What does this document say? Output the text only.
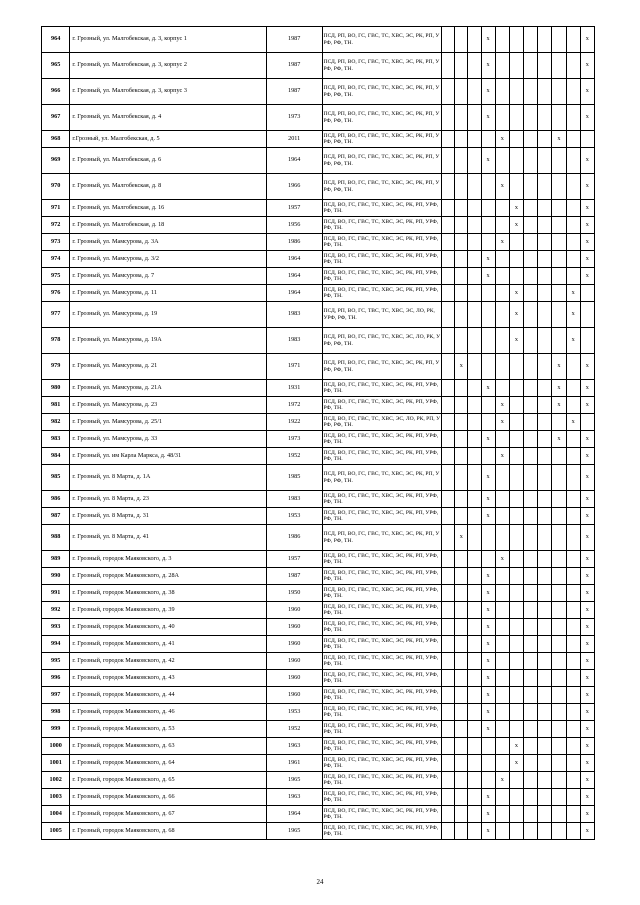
964	г. Грозный, ул. Малгобекская, д. 3, корпус 1	1987	ПСД, РП, ВО, ГС, ГВС, ТС, ХВС, ЭС, РК, РП, УРФ, РФ, ТН.				x							x
965	г. Грозный, ул. Малгобекская, д. 3, корпус 2	1987	ПСД, РП, ВО, ГС, ГВС, ТС, ХВС, ЭС, РК, РП, УРФ, РФ, ТН.				x							x
966	г. Грозный, ул. Малгобекская, д. 3, корпус 3	1987	ПСД, РП, ВО, ГС, ГВС, ТС, ХВС, ЭС, РК, РП, УРФ, РФ, ТН.				x							x
967	г. Грозный, ул. Малгобекская, д. 4	1973	ПСД, РП, ВО, ГС, ГВС, ТС, ХВС, ЭС, РК, РП, УРФ, РФ, ТН.				x							x
968	г.Грозный, ул. Малгобекская, д. 5	2011	ПСД, РП, ВО, ГС, ГВС, ТС, ХВС, ЭС, РК, РП, УРФ, РФ, ТН.					x				x		
969	г. Грозный, ул. Малгобекская, д. 6	1964	ПСД, РП, ВО, ГС, ГВС, ТС, ХВС, ЭС, РК, РП, УРФ, РФ, ТН.				x							x
970	г. Грозный, ул. Малгобекская, д. 8	1966	ПСД, РП, ВО, ГС, ГВС, ТС, ХВС, ЭС, РК, РП, УРФ, РФ, ТН.					x						x
971	г. Грозный, ул. Малгобекская, д. 16	1957	ПСД, ВО, ГС, ГВС, ТС, ХВС, ЭС, РК, РП, УРФ, РФ, ТН.						x					x
972	г. Грозный, ул. Малгобекская, д. 18	1956	ПСД, ВО, ГС, ГВС, ТС, ХВС, ЭС, РК, РП, УРФ, РФ, ТН.						x					x
973	г. Грозный, ул. Мамсурова, д. 3А	1986	ПСД, ВО, ГС, ГВС, ТС, ХВС, ЭС, РК, РП, УРФ, РФ, ТН.					x						x
974	г. Грозный, ул. Мамсурова, д. 3/2	1964	ПСД, ВО, ГС, ГВС, ТС, ХВС, ЭС, РК, РП, УРФ, РФ, ТН.				x							x
975	г. Грозный, ул. Мамсурова, д. 7	1964	ПСД, ВО, ГС, ГВС, ТС, ХВС, ЭС, РК, РП, УРФ, РФ, ТН.				x							x
976	г. Грозный, ул. Мамсурова, д. 11	1964	ПСД, ВО, ГС, ГВС, ТС, ХВС, ЭС, РК, РП, УРФ, РФ, ТН.						x				x	
977	г. Грозный, ул. Мамсурова, д. 19	1983	ПСД, РП, ВО, ГС, ТВС, ТС, ХВС, ЭС, ЛО, РК, УРФ, РФ, ТН.						x				x	
978	г. Грозный, ул. Мамсурова, д. 19А	1983	ПСД, РП, ВО, ГС, ГВС, ТС, ХВС, ЭС, ЛО, РК, УРФ, РФ, ТН.						x				x	
979	г. Грозный, ул. Мамсурова, д. 21	1971	ПСД, РП, ВО, ГС, ГВС, ТС, ХВС, ЭС, РК, РП, УРФ, РФ, ТН.		x							x		x
980	г. Грозный, ул. Мамсурова, д. 21А	1931	ПСД, ВО, ГС, ГВС, ТС, ХВС, ЭС, РК, РП, УРФ, РФ, ТН.				x					x		x
981	г. Грозный, ул. Мамсурова, д. 23	1972	ПСД, ВО, ГС, ГВС, ТС, ХВС, ЭС, РК, РП, УРФ, РФ, ТН.					x				x		x
982	г. Грозный, ул. Мамсурова, д. 25/1	1922	ПСД, ВО, ГС, ГВС, ТС, ХВС, ЭС, ЛО, РК, РП, УРФ, РФ, ТН.					x					x	
983	г. Грозный, ул. Мамсурова, д. 33	1973	ПСД, ВО, ГС, ГВС, ТС, ХВС, ЭС, РК, РП, УРФ, РФ, ТН.				x					x		x
984	г. Грозный, ул. им Карла Маркса, д. 48/31	1952	ПСД, ВО, ГС, ГВС, ТС, ХВС, ЭС, РК, РП, УРФ, РФ, ТН.					x						x
985	г. Грозный, ул. 8 Марта, д. 1А	1985	ПСД, РП, ВО, ГС, ГВС, ТС, ХВС, ЭС, РК, РП, УРФ, РФ, ТН.				x							x
986	г. Грозный, ул. 8 Марта, д. 23	1983	ПСД, ВО, ГС, ГВС, ТС, ХВС, ЭС, РК, РП, УРФ, РФ, ТН.				x							x
987	г. Грозный, ул. 8 Марта, д. 31	1953	ПСД, ВО, ГС, ГВС, ТС, ХВС, ЭС, РК, РП, УРФ, РФ, ТН.				x							x
988	г. Грозный, ул. 8 Марта, д. 41	1986	ПСД, РП, ВО, ГС, ГВС, ТС, ХВС, ЭС, РК, РП, УРФ, РФ, ТН.		x									x
989	г. Грозный, городок Маяковского, д. 3	1957	ПСД, ВО, ГС, ГВС, ТС, ХВС, ЭС, РК, РП, УРФ, РФ, ТН.					x						x
990	г. Грозный, городок Маяковского, д. 28А	1987	ПСД, ВО, ГС, ГВС, ТС, ХВС, ЭС, РК, РП, УРФ, РФ, ТН.				x							x
991	г. Грозный, городок Маяковского, д. 38	1950	ПСД, ВО, ГС, ГВС, ТС, ХВС, ЭС, РК, РП, УРФ, РФ, ТН.				x							x
992	г. Грозный, городок Маяковского, д. 39	1960	ПСД, ВО, ГС, ГВС, ТС, ХВС, ЭС, РК, РП, УРФ, РФ, ТН.				x							x
993	г. Грозный, городок Маяковского, д. 40	1960	ПСД, ВО, ГС, ГВС, ТС, ХВС, ЭС, РК, РП, УРФ, РФ, ТН.				x							x
994	г. Грозный, городок Маяковского, д. 41	1960	ПСД, ВО, ГС, ГВС, ТС, ХВС, ЭС, РК, РП, УРФ, РФ, ТН.				x							x
995	г. Грозный, городок Маяковского, д. 42	1960	ПСД, ВО, ГС, ГВС, ТС, ХВС, ЭС, РК, РП, УРФ, РФ, ТН.				x							x
996	г. Грозный, городок Маяковского, д. 43	1960	ПСД, ВО, ГС, ГВС, ТС, ХВС, ЭС, РК, РП, УРФ, РФ, ТН.				x							x
997	г. Грозный, городок Маяковского, д. 44	1960	ПСД, ВО, ГС, ГВС, ТС, ХВС, ЭС, РК, РП, УРФ, РФ, ТН.				x							x
998	г. Грозный, городок Маяковского, д. 46	1953	ПСД, ВО, ГС, ГВС, ТС, ХВС, ЭС, РК, РП, УРФ, РФ, ТН.				x							x
999	г. Грозный, городок Маяковского, д. 53	1952	ПСД, ВО, ГС, ГВС, ТС, ХВС, ЭС, РК, РП, УРФ, РФ, ТН.				x							x
1000	г. Грозный, городок Маяковского, д. 63	1963	ПСД, ВО, ГС, ГВС, ТС, ХВС, ЭС, РК, РП, УРФ, РФ, ТН.						x					x
1001	г. Грозный, городок Маяковского, д. 64	1961	ПСД, ВО, ГС, ГВС, ТС, ХВС, ЭС, РК, РП, УРФ, РФ, ТН.						x					x
1002	г. Грозный, городок Маяковского, д. 65	1965	ПСД, ВО, ГС, ГВС, ТС, ХВС, ЭС, РК, РП, УРФ, РФ, ТН.					x						x
1003	г. Грозный, городок Маяковского, д. 66	1963	ПСД, ВО, ГС, ГВС, ТС, ХВС, ЭС, РК, РП, УРФ, РФ, ТН.				x							x
1004	г. Грозный, городок Маяковского, д. 67	1964	ПСД, ВО, ГС, ГВС, ТС, ХВС, ЭС, РК, РП, УРФ, РФ, ТН.				x							x
1005	г. Грозный, городок Маяковского, д. 68	1965	ПСД, ВО, ГС, ГВС, ТС, ХВС, ЭС, РК, РП, УРФ, РФ, ТН.				x							x
24
